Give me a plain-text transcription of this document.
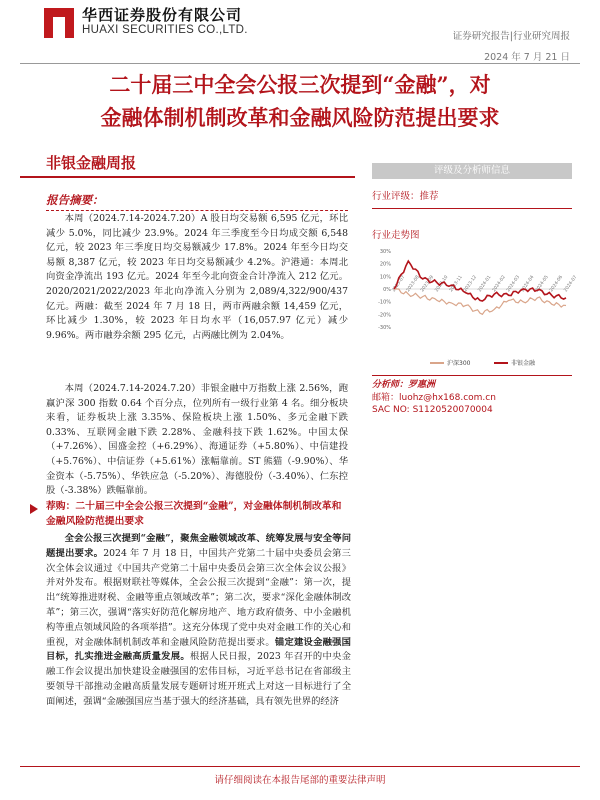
华西证券股份有限公司
HUAXI SECURITIES CO.,LTD.
证券研究报告|行业研究周报
2024 年 7 月 21 日
二十届三中全会公报三次提到“金融”，对
金融体制机制改革和金融风险防范提出要求
非银金融周报
报告摘要：

本周（2024.7.14-2024.7.20）A 股日均交易额 6,595 亿元，环比减少 5.0%，同比减少 23.9%。2024 年三季度至今日均成交额 6,548 亿元，较 2023 年三季度日均交易额减少 17.8%。2024 年至今日均交易额 8,387 亿元，较 2023 年日均交易额减少 4.2%。沪港通：本周北向资金净流出 193 亿元。2024 年至今北向资金合计净流入 212 亿元。2020/2021/2022/2023 年北向净流入分别为 2,089/4,322/900/437 亿元。两融：截至 2024 年 7 月 18 日，两市两融余额 14,459 亿元，环比减少 1.30%，较 2023 年日均水平（16,057.97 亿元）减少 9.96%。两市融券余额 295 亿元，占两融比例为 2.04%。

本周（2024.7.14-2024.7.20）非银金融中万指数上涨 2.56%，跑赢沪深 300 指数 0.64 个百分点，位列所有一级行业第 4 名。细分板块来看，证券板块上涨 3.35%、保险板块上涨 1.50%、多元金融下跌 0.33%、互联网金融下跌 2.28%、金融科技下跌 1.62%。中国太保（+7.26%）、国盛金控（+6.29%）、海通证券（+5.80%）、中信建投（+5.76%）、中信证券（+5.61%）涨幅靠前。ST 熊猫（-9.90%）、华金资本（-5.75%）、华铁应急（-5.20%）、海德股份（-3.40%）、仁东控股（-3.38%）跌幅靠前。

荐购：二十届三中全会公报三次提到“金融”，对金融体制机制改革和金融风险防范提出要求

全会公报三次提到“金融”，聚焦金融领域改革、统筹发展与安全等问题提出要求。2024 年 7 月 18 日，中国共产党第二十届中央委员会第三次全体会议通过《中国共产党第二十届中央委员会第三次全体会议公报》并对外发布。根据财联社等媒体，全会公报三次提到“金融”：第一次，提出“统筹推进财税、金融等重点领域改革”；第二次，要求“深化金融体制改革”；第三次，强调“落实好防范化解房地产、地方政府债务、中小金融机构等重点领域风险的各项举措”。这充分体现了党中央对金融工作的关心和重视，对金融体制机制改革和金融风险防范提出要求。锚定建设金融强国目标，扎实推进金融高质量发展。根据人民日报，2023 年召开的中央金融工作会议提出加快建设金融强国的宏伟目标，习近平总书记在省部级主要领导干部推动金融高质量发展专题研讨班开班式上对这一目标进行了全面阐述，强调“金融强国应当基于强大的经济基础，具有领先世界的经济

评级及分析师信息
行业评级：推荐
行业走势图
30%
20%
10%
0%
-10%
-20%
-30%
2023-07 2023-08 2023-09 2023-10 2023-11 2023-12 2024-01 2024-02 2024-03 2024-04 2024-05 2024-06 2024-07
沪深300	非银金融
分析师：罗惠洲
邮箱：luohz@hx168.com.cn
SAC NO: S1120520070004
请仔细阅读在本报告尾部的重要法律声明
